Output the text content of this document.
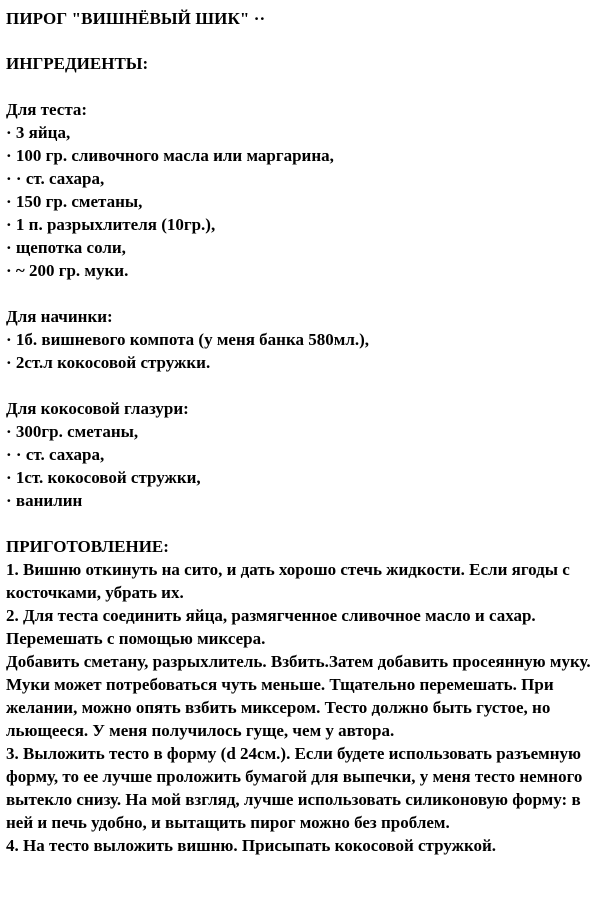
ПИРОГ "ВИШНЁВЫЙ ШИК" ··

ИНГРЕДИЕНТЫ:

Для теста:

· 3 яйца,

· 100 гр. сливочного масла или маргарина,

· · ст. сахара,

· 150 гр. сметаны,

· 1 п. разрыхлителя (10гр.),

· щепотка соли,

· ~ 200 гр. муки.

Для начинки:

· 1б. вишневого компота (у меня банка 580мл.),

· 2ст.л кокосовой стружки.

Для кокосовой глазури:

· 300гр. сметаны,

· · ст. сахара,

· 1ст. кокосовой стружки,

· ванилин

ПРИГОТОВЛЕНИЕ:

1. Вишню откинуть на сито, и дать хорошо стечь жидкости. Если ягоды с косточками, убрать их.

2. Для теста соединить яйца, размягченное сливочное масло и сахар. Перемешать с помощью миксера.

Добавить сметану, разрыхлитель. Взбить.Затем добавить просеянную муку. Муки может потребоваться чуть меньше. Тщательно перемешать. При желании, можно опять взбить миксером. Тесто должно быть густое, но льющееся. У меня получилось гуще, чем у автора.

3. Выложить тесто в форму (d 24см.). Если будете использовать разъемную форму, то ее лучше проложить бумагой для выпечки, у меня тесто немного вытекло снизу. На мой взгляд, лучше использовать силиконовую форму: в ней и печь удобно, и вытащить пирог можно без проблем.

4. На тесто выложить вишню. Присыпать кокосовой стружкой.
